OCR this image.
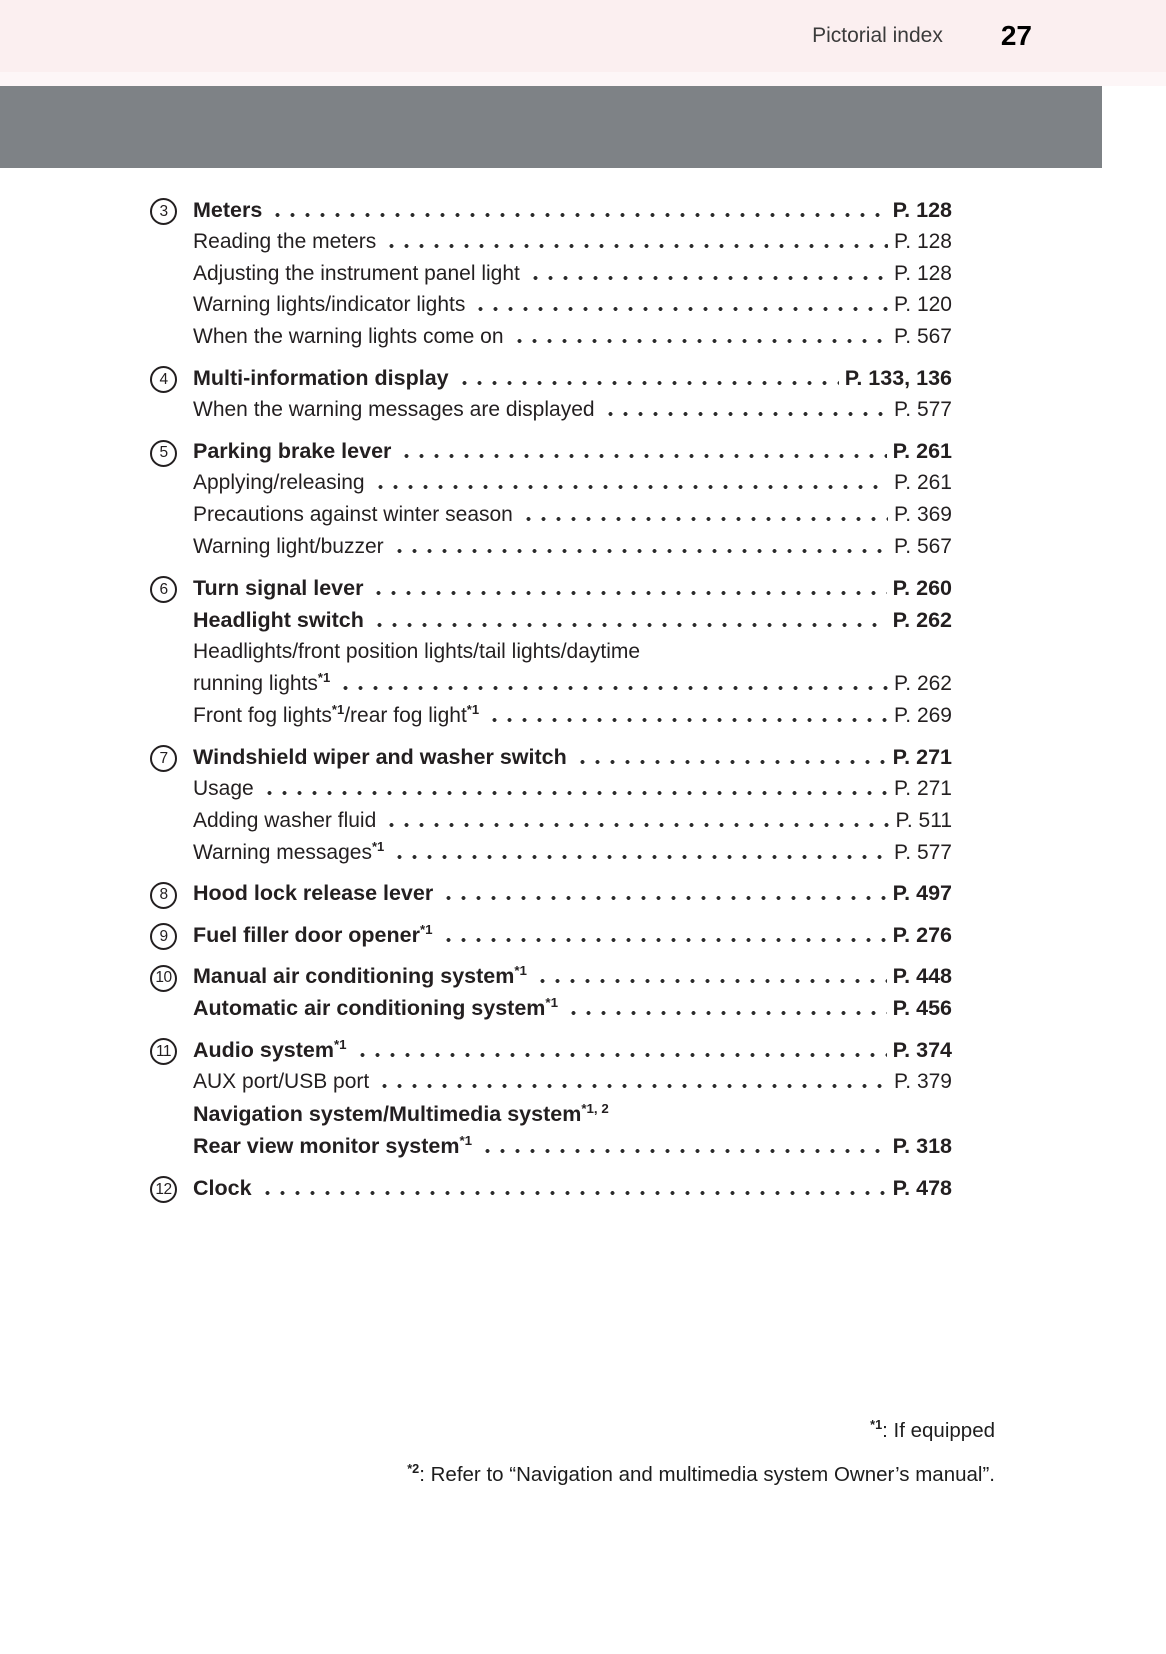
Pictorial index 27
3	Meters	P. 128
Reading the meters	P. 128
Adjusting the instrument panel light	P. 128
Warning lights/indicator lights	P. 120
When the warning lights come on	P. 567
4	Multi-information display	P. 133, 136
When the warning messages are displayed	P. 577
5	Parking brake lever	P. 261
Applying/releasing	P. 261
Precautions against winter season	P. 369
Warning light/buzzer	P. 567
6	Turn signal lever	P. 260
Headlight switch	P. 262
Headlights/front position lights/tail lights/daytime
running lights$^{*1}$	P. 262
Front fog lights$^{*1}$/rear fog light$^{*1}$	P. 269
7	Windshield wiper and washer switch	P. 271
Usage	P. 271
Adding washer fluid	P. 511
Warning messages$^{*1}$	P. 577
8	Hood lock release lever	P. 497
9	Fuel filler door opener$^{*1}$	P. 276
10 Manual air conditioning system$^{*1}$	P. 448
Automatic air conditioning system$^{*1}$	P. 456
11 Audio system$^{*1}$	P. 374
AUX port/USB port	P. 379
Navigation system/Multimedia system$^{*1, 2}$
Rear view monitor system$^{*1}$	P. 318
12 Clock	P. 478
$^{*1}$: If equipped
$^{*2}$: Refer to “Navigation and multimedia system Owner’s manual”.
